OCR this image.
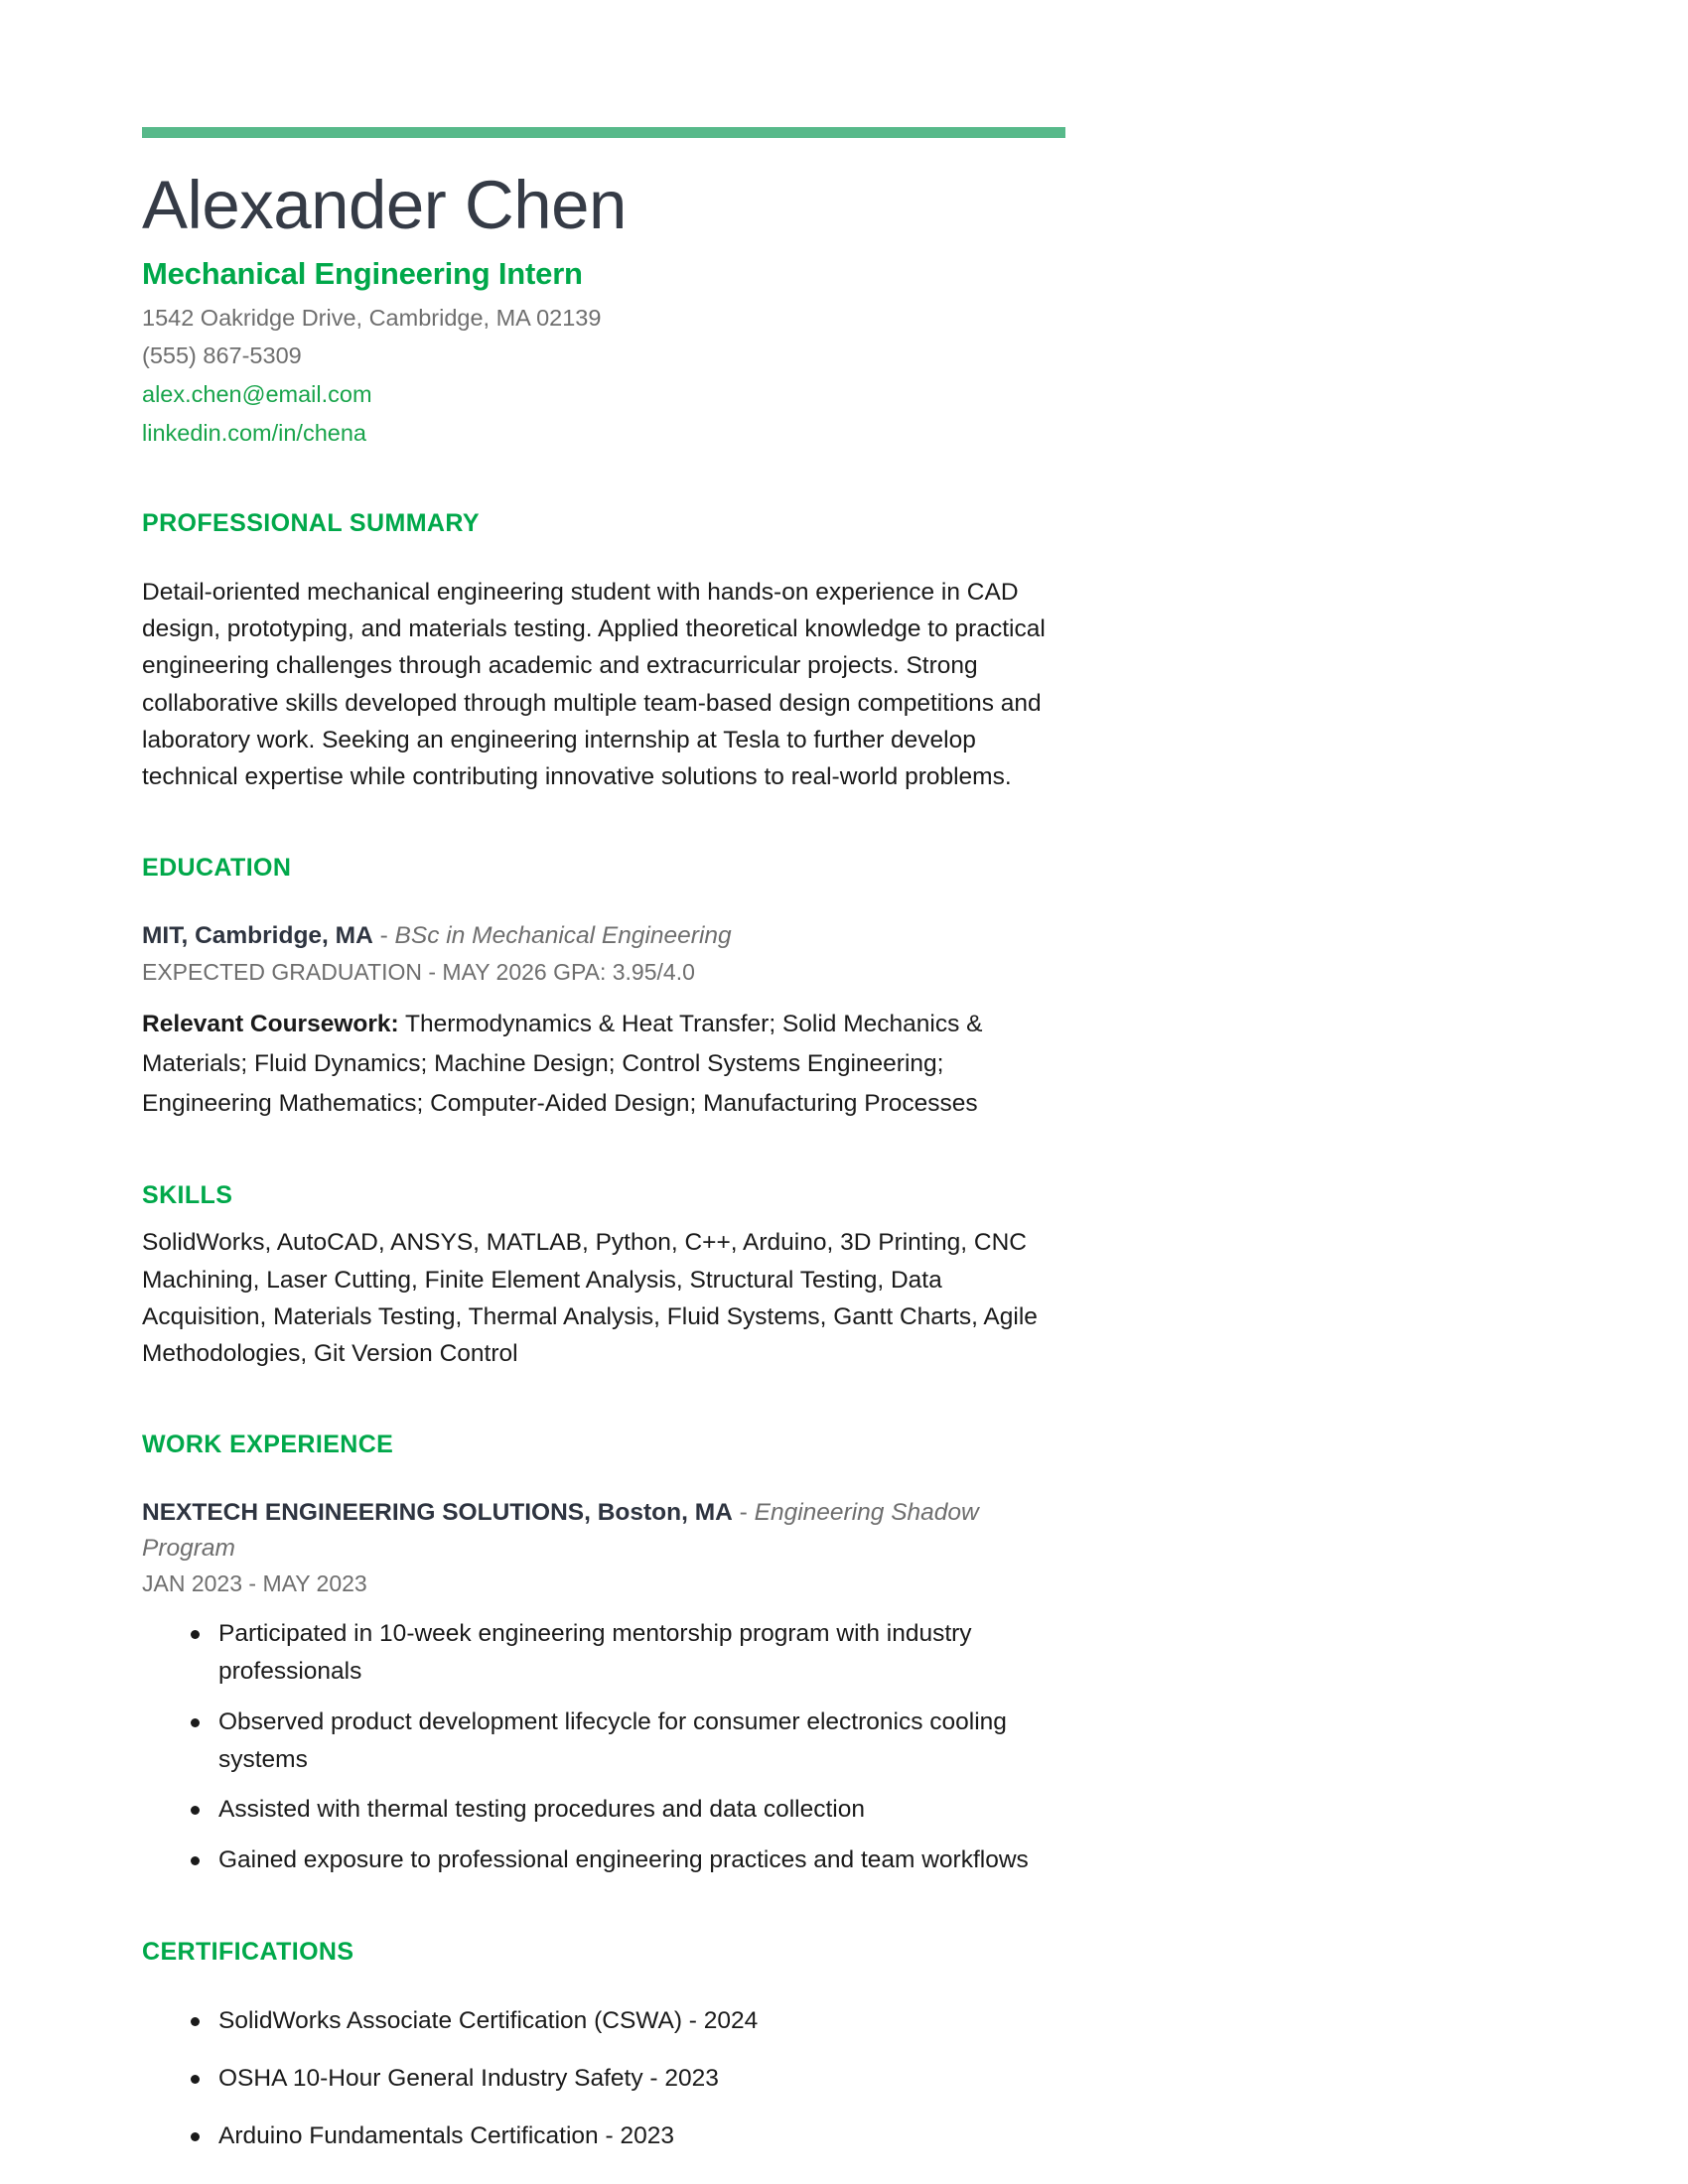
Alexander Chen
Mechanical Engineering Intern
1542 Oakridge Drive, Cambridge, MA 02139
(555) 867-5309
alex.chen@email.com
linkedin.com/in/chena
PROFESSIONAL SUMMARY
Detail-oriented mechanical engineering student with hands-on experience in CAD design, prototyping, and materials testing. Applied theoretical knowledge to practical engineering challenges through academic and extracurricular projects. Strong collaborative skills developed through multiple team-based design competitions and laboratory work. Seeking an engineering internship at Tesla to further develop technical expertise while contributing innovative solutions to real-world problems.
EDUCATION
MIT, Cambridge, MA - BSc in Mechanical Engineering
EXPECTED GRADUATION - MAY 2026 GPA: 3.95/4.0
Relevant Coursework: Thermodynamics & Heat Transfer; Solid Mechanics & Materials; Fluid Dynamics; Machine Design; Control Systems Engineering; Engineering Mathematics; Computer-Aided Design; Manufacturing Processes
SKILLS
SolidWorks, AutoCAD, ANSYS, MATLAB, Python, C++, Arduino, 3D Printing, CNC Machining, Laser Cutting, Finite Element Analysis, Structural Testing, Data Acquisition, Materials Testing, Thermal Analysis, Fluid Systems, Gantt Charts, Agile Methodologies, Git Version Control
WORK EXPERIENCE
NEXTECH ENGINEERING SOLUTIONS, Boston, MA - Engineering Shadow Program
JAN 2023 - MAY 2023
Participated in 10-week engineering mentorship program with industry professionals
Observed product development lifecycle for consumer electronics cooling systems
Assisted with thermal testing procedures and data collection
Gained exposure to professional engineering practices and team workflows
CERTIFICATIONS
SolidWorks Associate Certification (CSWA) - 2024
OSHA 10-Hour General Industry Safety - 2023
Arduino Fundamentals Certification - 2023
